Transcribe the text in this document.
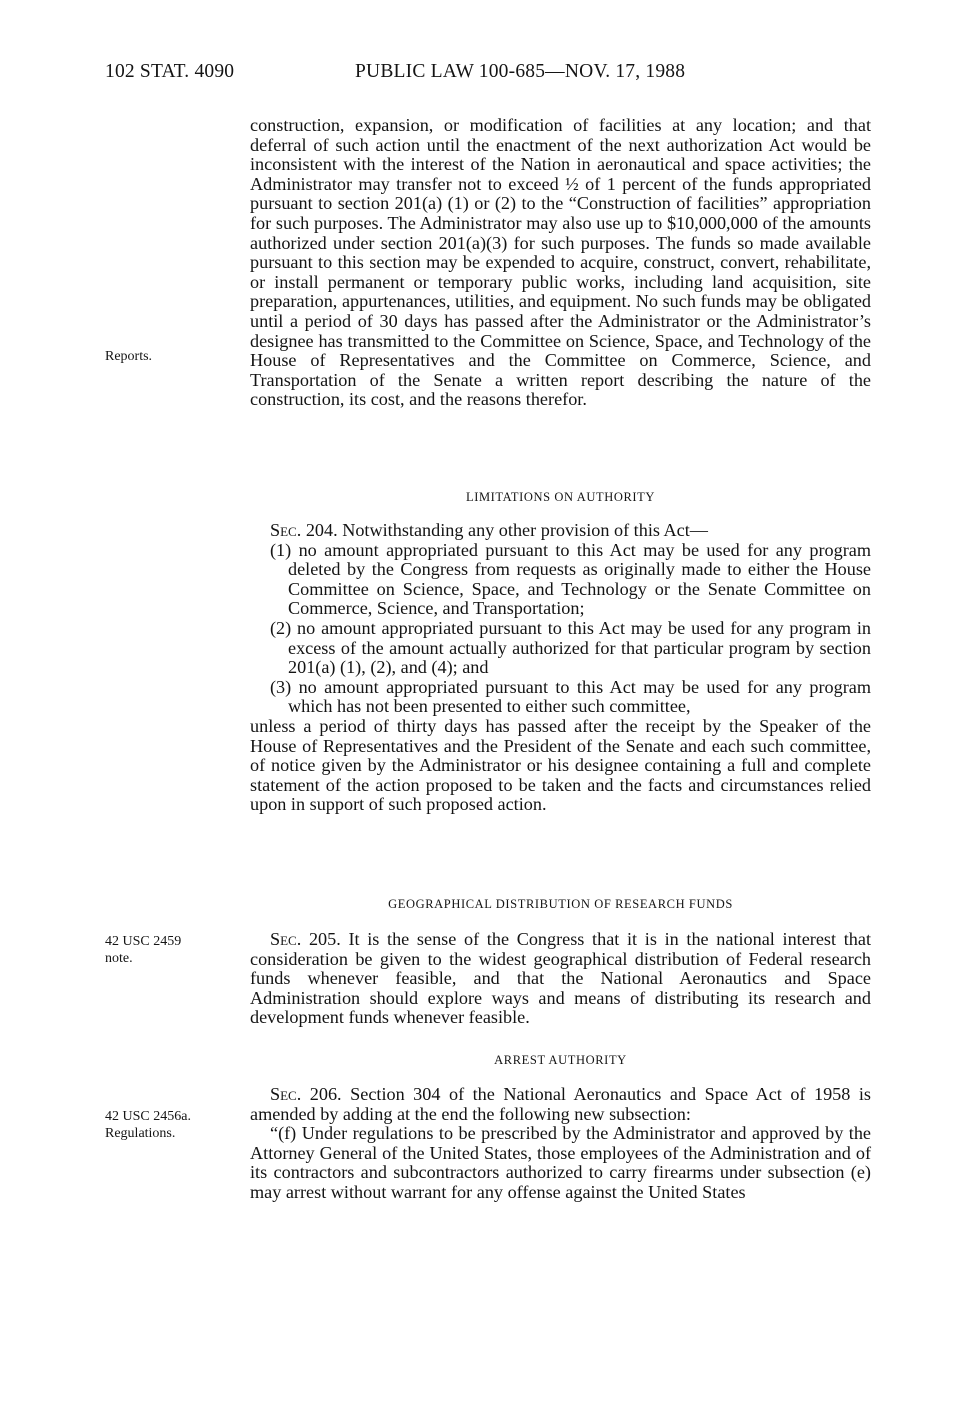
102 STAT. 4090	PUBLIC LAW 100-685—NOV. 17, 1988

construction, expansion, or modification of facilities at any location; and that deferral of such action until the enactment of the next authorization Act would be inconsistent with the interest of the Nation in aeronautical and space activities; the Administrator may transfer not to exceed ½ of 1 percent of the funds appropriated pursuant to section 201(a) (1) or (2) to the “Construction of facilities” appropriation for such purposes. The Administrator may also use up to $10,000,000 of the amounts authorized under section 201(a)(3) for such purposes. The funds so made available pursuant to this section may be expended to acquire, construct, convert, rehabilitate, or install permanent or temporary public works, including land acquisition, site preparation, appurtenances, utilities, and equipment. No such funds may be obligated until a period of 30 days has passed after the Administrator or the Administrator’s designee has transmitted to the Committee on Science, Space, and Technology of the House of Representatives and the Committee on Commerce, Science, and Transportation of the Senate a written report describing the nature of the construction, its cost, and the reasons therefor.

Reports.
LIMITATIONS ON AUTHORITY

Sec. 204. Notwithstanding any other provision of this Act—

(1) no amount appropriated pursuant to this Act may be used for any program deleted by the Congress from requests as originally made to either the House Committee on Science, Space, and Technology or the Senate Committee on Commerce, Science, and Transportation;

(2) no amount appropriated pursuant to this Act may be used for any program in excess of the amount actually authorized for that particular program by section 201(a) (1), (2), and (4); and

(3) no amount appropriated pursuant to this Act may be used for any program which has not been presented to either such committee,

unless a period of thirty days has passed after the receipt by the Speaker of the House of Representatives and the President of the Senate and each such committee, of notice given by the Administrator or his designee containing a full and complete statement of the action proposed to be taken and the facts and circumstances relied upon in support of such proposed action.

GEOGRAPHICAL DISTRIBUTION OF RESEARCH FUNDS
42 USC 2459
note.

Sec. 205. It is the sense of the Congress that it is in the national interest that consideration be given to the widest geographical distribution of Federal research funds whenever feasible, and that the National Aeronautics and Space Administration should explore ways and means of distributing its research and development funds whenever feasible.

ARREST AUTHORITY
42 USC 2456a.
Regulations.

Sec. 206. Section 304 of the National Aeronautics and Space Act of 1958 is amended by adding at the end the following new subsection:

“(f) Under regulations to be prescribed by the Administrator and approved by the Attorney General of the United States, those employees of the Administration and of its contractors and subcontractors authorized to carry firearms under subsection (e) may arrest without warrant for any offense against the United States
